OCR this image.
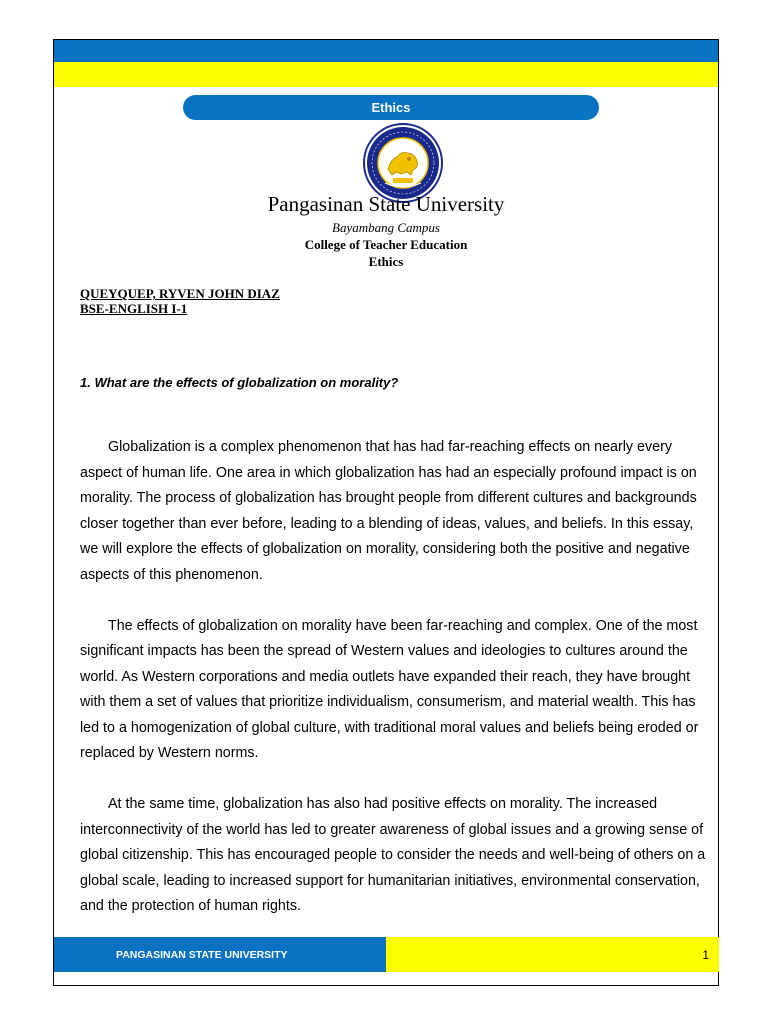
Ethics
Pangasinan State University
Bayambang Campus
College of Teacher Education
Ethics
QUEYQUEP, RYVEN JOHN DIAZ
BSE-ENGLISH I-1
1. What are the effects of globalization on morality?

Globalization is a complex phenomenon that has had far-reaching effects on nearly every aspect of human life. One area in which globalization has had an especially profound impact is on morality. The process of globalization has brought people from different cultures and backgrounds closer together than ever before, leading to a blending of ideas, values, and beliefs. In this essay, we will explore the effects of globalization on morality, considering both the positive and negative aspects of this phenomenon.

The effects of globalization on morality have been far-reaching and complex. One of the most significant impacts has been the spread of Western values and ideologies to cultures around the world. As Western corporations and media outlets have expanded their reach, they have brought with them a set of values that prioritize individualism, consumerism, and material wealth. This has led to a homogenization of global culture, with traditional moral values and beliefs being eroded or replaced by Western norms.

At the same time, globalization has also had positive effects on morality. The increased interconnectivity of the world has led to greater awareness of global issues and a growing sense of global citizenship. This has encouraged people to consider the needs and well-being of others on a global scale, leading to increased support for humanitarian initiatives, environmental conservation, and the protection of human rights.

PANGASINAN STATE UNIVERSITY	1
